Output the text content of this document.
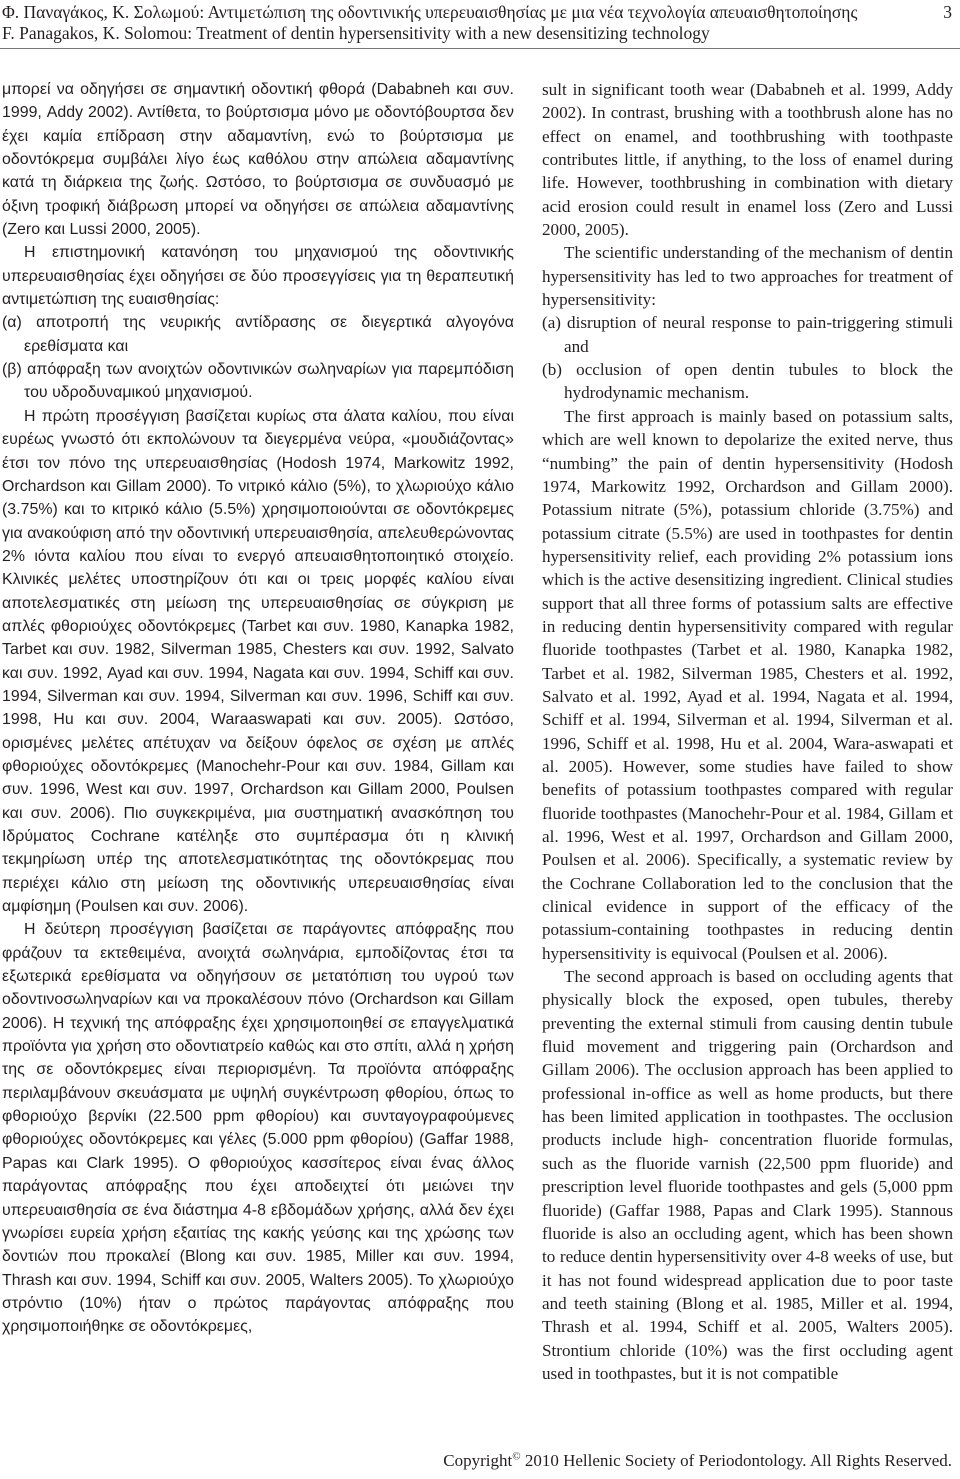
Φ. Παναγάκος, Κ. Σολωμού: Αντιμετώπιση της οδοντινικής υπερευαισθησίας με μια νέα τεχνολογία απευαισθητοποίησης
F. Panagakos, K. Solomou: Treatment of dentin hypersensitivity with a new desensitizing technology
3

μπορεί να οδηγήσει σε σημαντική οδοντική φθορά (Dababneh και συν. 1999, Addy 2002). Αντίθετα, το βούρτσισμα μόνο με οδοντόβουρτσα δεν έχει καμία επίδραση στην αδαμαντίνη, ενώ το βούρτσισμα με οδοντόκρεμα συμβάλει λίγο έως καθόλου στην απώλεια αδαμαντίνης κατά τη διάρκεια της ζωής. Ωστόσο, το βούρτσισμα σε συνδυασμό με όξινη τροφική διάβρωση μπορεί να οδηγήσει σε απώλεια αδαμαντίνης (Zero και Lussi 2000, 2005).

Η επιστημονική κατανόηση του μηχανισμού της οδοντινικής υπερευαισθησίας έχει οδηγήσει σε δύο προσεγγίσεις για τη θεραπευτική αντιμετώπιση της ευαισθησίας:

(α) αποτροπή της νευρικής αντίδρασης σε διεγερτικά αλγογόνα ερεθίσματα και

(β) απόφραξη των ανοιχτών οδοντινικών σωληναρίων για παρεμπόδιση του υδροδυναμικού μηχανισμού.

Η πρώτη προσέγγιση βασίζεται κυρίως στα άλατα καλίου, που είναι ευρέως γνωστό ότι εκπολώνουν τα διεγερμένα νεύρα, «μουδιάζοντας» έτσι τον πόνο της υπερευαισθησίας (Hodosh 1974, Markowitz 1992, Orchardson και Gillam 2000). Το νιτρικό κάλιο (5%), το χλωριούχο κάλιο (3.75%) και το κιτρικό κάλιο (5.5%) χρησιμοποιούνται σε οδοντόκρεμες για ανακούφιση από την οδοντινική υπερευαισθησία, απελευθερώνοντας 2% ιόντα καλίου που είναι το ενεργό απευαισθητοποιητικό στοιχείο. Κλινικές μελέτες υποστηρίζουν ότι και οι τρεις μορφές καλίου είναι αποτελεσματικές στη μείωση της υπερευαισθησίας σε σύγκριση με απλές φθοριούχες οδοντόκρεμες (Tarbet και συν. 1980, Kanapka 1982, Tarbet και συν. 1982, Silverman 1985, Chesters και συν. 1992, Salvato και συν. 1992, Ayad και συν. 1994, Nagata και συν. 1994, Schiff και συν. 1994, Silverman και συν. 1994, Silverman και συν. 1996, Schiff και συν. 1998, Hu και συν. 2004, Waraaswapati και συν. 2005). Ωστόσο, ορισμένες μελέτες απέτυχαν να δείξουν όφελος σε σχέση με απλές φθοριούχες οδοντόκρεμες (Manochehr-Pour και συν. 1984, Gillam και συν. 1996, West και συν. 1997, Orchardson και Gillam 2000, Poulsen και συν. 2006). Πιο συγκεκριμένα, μια συστηματική ανασκόπηση του Ιδρύματος Cochrane κατέληξε στο συμπέρασμα ότι η κλινική τεκμηρίωση υπέρ της αποτελεσματικότητας της οδοντόκρεμας που περιέχει κάλιο στη μείωση της οδοντινικής υπερευαισθησίας είναι αμφίσημη (Poulsen και συν. 2006).

Η δεύτερη προσέγγιση βασίζεται σε παράγοντες απόφραξης που φράζουν τα εκτεθειμένα, ανοιχτά σωληνάρια, εμποδίζοντας έτσι τα εξωτερικά ερεθίσματα να οδηγήσουν σε μετατόπιση του υγρού των οδοντινοσωληναρίων και να προκαλέσουν πόνο (Orchardson και Gillam 2006). Η τεχνική της απόφραξης έχει χρησιμοποιηθεί σε επαγγελματικά προϊόντα για χρήση στο οδοντιατρείο καθώς και στο σπίτι, αλλά η χρήση της σε οδοντόκρεμες είναι περιορισμένη. Τα προϊόντα απόφραξης περιλαμβάνουν σκευάσματα με υψηλή συγκέντρωση φθορίου, όπως το φθοριούχο βερνίκι (22.500 ppm φθορίου) και συνταγογραφούμενες φθοριούχες οδοντόκρεμες και γέλες (5.000 ppm φθορίου) (Gaffar 1988, Papas και Clark 1995). Ο φθοριούχος κασσίτερος είναι ένας άλλος παράγοντας απόφραξης που έχει αποδειχτεί ότι μειώνει την υπερευαισθησία σε ένα διάστημα 4-8 εβδομάδων χρήσης, αλλά δεν έχει γνωρίσει ευρεία χρήση εξαιτίας της κακής γεύσης και της χρώσης των δοντιών που προκαλεί (Blong και συν. 1985, Miller και συν. 1994, Thrash και συν. 1994, Schiff και συν. 2005, Walters 2005). Το χλωριούχο στρόντιο (10%) ήταν ο πρώτος παράγοντας απόφραξης που χρησιμοποιήθηκε σε οδοντόκρεμες,

sult in significant tooth wear (Dababneh et al. 1999, Addy 2002). In contrast, brushing with a toothbrush alone has no effect on enamel, and toothbrushing with toothpaste contributes little, if anything, to the loss of enamel during life. However, toothbrushing in combination with dietary acid erosion could result in enamel loss (Zero and Lussi 2000, 2005).

The scientific understanding of the mechanism of dentin hypersensitivity has led to two approaches for treatment of hypersensitivity:

(a) disruption of neural response to pain-triggering stimuli and

(b) occlusion of open dentin tubules to block the hydrodynamic mechanism.

The first approach is mainly based on potassium salts, which are well known to depolarize the exited nerve, thus “numbing” the pain of dentin hypersensitivity (Hodosh 1974, Markowitz 1992, Orchardson and Gillam 2000). Potassium nitrate (5%), potassium chloride (3.75%) and potassium citrate (5.5%) are used in toothpastes for dentin hypersensitivity relief, each providing 2% potassium ions which is the active desensitizing ingredient. Clinical studies support that all three forms of potassium salts are effective in reducing dentin hypersensitivity compared with regular fluoride toothpastes (Tarbet et al. 1980, Kanapka 1982, Tarbet et al. 1982, Silverman 1985, Chesters et al. 1992, Salvato et al. 1992, Ayad et al. 1994, Nagata et al. 1994, Schiff et al. 1994, Silverman et al. 1994, Silverman et al. 1996, Schiff et al. 1998, Hu et al. 2004, Wara-aswapati et al. 2005). However, some studies have failed to show benefits of potassium toothpastes compared with regular fluoride toothpastes (Manochehr-Pour et al. 1984, Gillam et al. 1996, West et al. 1997, Orchardson and Gillam 2000, Poulsen et al. 2006). Specifically, a systematic review by the Cochrane Collaboration led to the conclusion that the clinical evidence in support of the efficacy of the potassium-containing toothpastes in reducing dentin hypersensitivity is equivocal (Poulsen et al. 2006).

The second approach is based on occluding agents that physically block the exposed, open tubules, thereby preventing the external stimuli from causing dentin tubule fluid movement and triggering pain (Orchardson and Gillam 2006). The occlusion approach has been applied to professional in-office as well as home products, but there has been limited application in toothpastes. The occlusion products include high- concentration fluoride formulas, such as the fluoride varnish (22,500 ppm fluoride) and prescription level fluoride toothpastes and gels (5,000 ppm fluoride) (Gaffar 1988, Papas and Clark 1995). Stannous fluoride is also an occluding agent, which has been shown to reduce dentin hypersensitivity over 4-8 weeks of use, but it has not found widespread application due to poor taste and teeth staining (Blong et al. 1985, Miller et al. 1994, Thrash et al. 1994, Schiff et al. 2005, Walters 2005). Strontium chloride (10%) was the first occluding agent used in toothpastes, but it is not compatible

Copyright© 2010 Hellenic Society of Periodontology. All Rights Reserved.
